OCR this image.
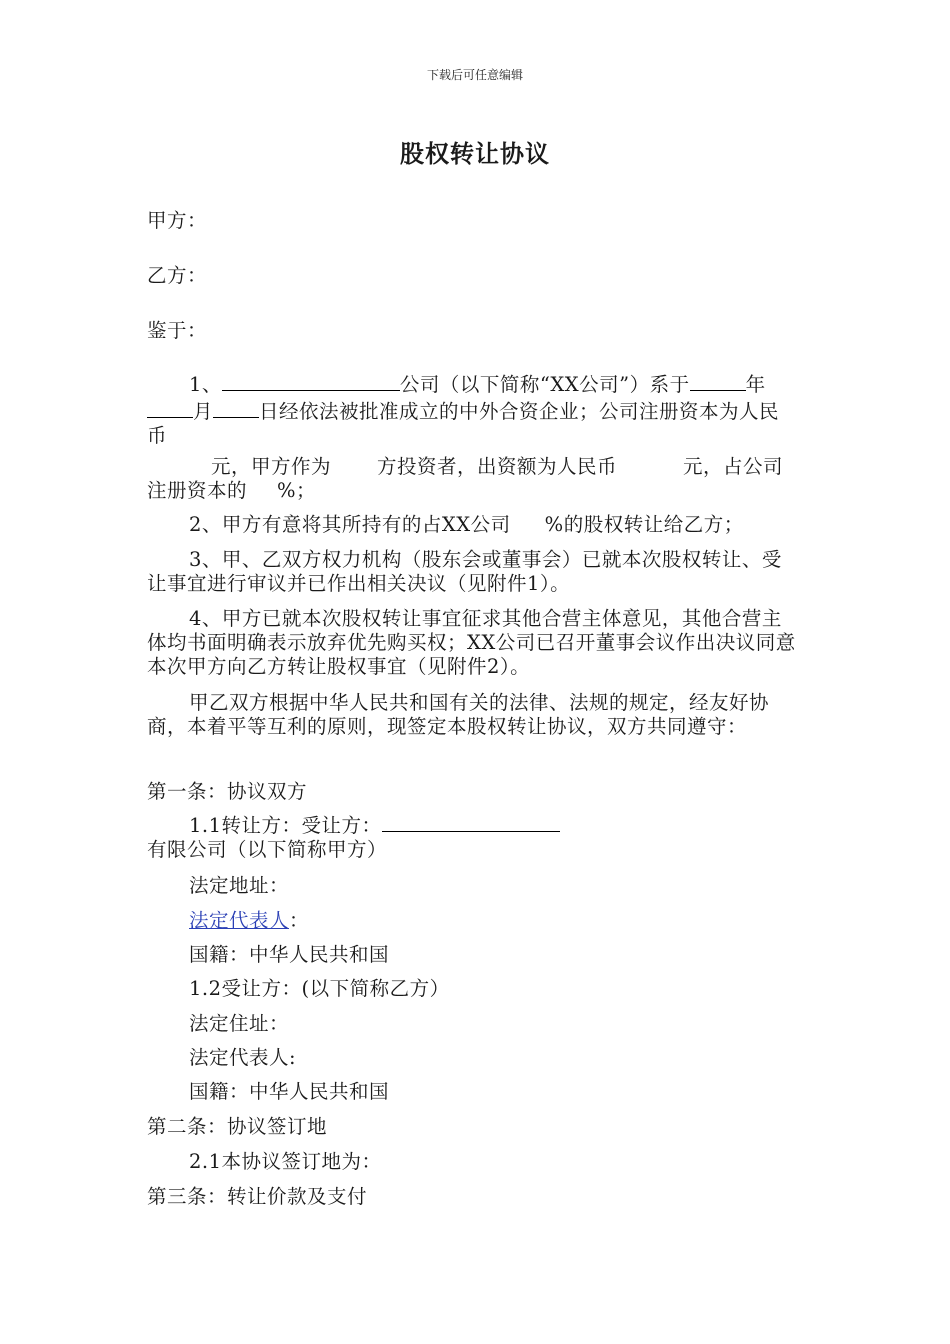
下载后可任意编辑
股权转让协议
甲方：
乙方：
鉴于：

1、	公司（以下简称“XX公司”）系于	年月 日经依法被批准成立的中外合资企业；公司注册资本为人民币

元，甲方作为 方投资者，出资额为人民币	元，占公司注册资本的 %；

2、甲方有意将其所持有的占XX公司 %的股权转让给乙方；

3、甲、乙双方权力机构（股东会或董事会）已就本次股权转让、受让事宜进行审议并已作出相关决议（见附件1）。

4、甲方已就本次股权转让事宜征求其他合营主体意见，其他合营主体均书面明确表示放弃优先购买权；XX公司已召开董事会议作出决议同意本次甲方向乙方转让股权事宜（见附件2）。

甲乙双方根据中华人民共和国有关的法律、法规的规定，经友好协商，本着平等互利的原则，现签定本股权转让协议，双方共同遵守：

第一条：协议双方

1.1转让方：受让方：有限公司（以下简称甲方）

法定地址：
法定代表人：
国籍：中华人民共和国
1.2受让方：(以下简称乙方）
法定住址：
法定代表人:
国籍：中华人民共和国
第二条：协议签订地
2.1本协议签订地为：
第三条：转让价款及支付
